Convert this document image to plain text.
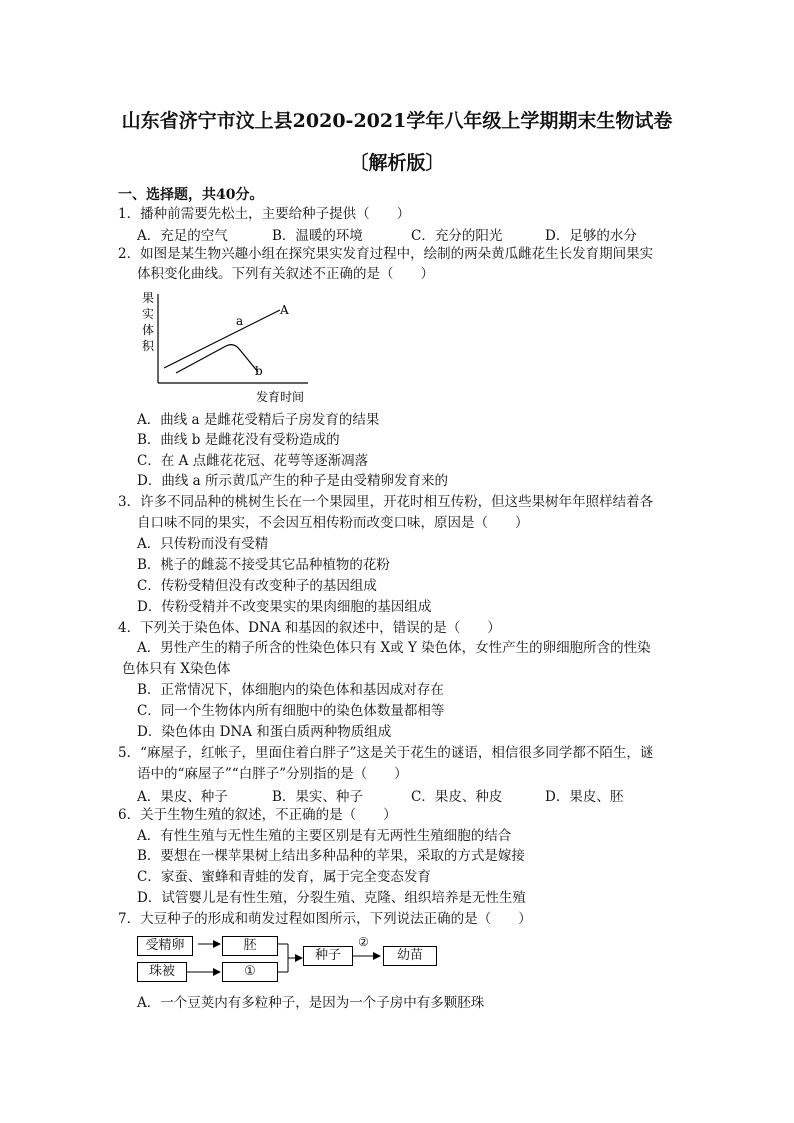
山东省济宁市汶上县2020-2021学年八年级上学期期末生物试卷
〔解析版〕
一、选择题，共40分。
1．播种前需要先松土，主要给种子提供（　　）
A．充足的空气	B．温暖的环境	C．充分的阳光	D．足够的水分
2．如图是某生物兴趣小组在探究果实发育过程中，绘制的两朵黄瓜雌花生长发育期间果实
体积变化曲线。下列有关叙述不正确的是（　　）
果
实
体
积
a
A
b
发育时间
A．曲线 a 是雌花受精后子房发育的结果
B．曲线 b 是雌花没有受粉造成的
C．在 A 点雌花花冠、花萼等逐渐凋落
D．曲线 a 所示黄瓜产生的种子是由受精卵发育来的
3．许多不同品种的桃树生长在一个果园里，开花时相互传粉，但这些果树年年照样结着各
自口味不同的果实，不会因互相传粉而改变口味，原因是（　　）
A．只传粉而没有受精
B．桃子的雌蕊不接受其它品种植物的花粉
C．传粉受精但没有改变种子的基因组成
D．传粉受精并不改变果实的果肉细胞的基因组成
4．下列关于染色体、DNA 和基因的叙述中，错误的是（　　）
A．男性产生的精子所含的性染色体只有 X或 Y 染色体，女性产生的卵细胞所含的性染
色体只有 X染色体
B．正常情况下，体细胞内的染色体和基因成对存在
C．同一个生物体内所有细胞中的染色体数量都相等
D．染色体由 DNA 和蛋白质两种物质组成
5．“麻屋子，红帐子，里面住着白胖子”这是关于花生的谜语，相信很多同学都不陌生，谜
语中的“麻屋子”“白胖子”分别指的是（　　）
A．果皮、种子	B．果实、种子	C．果皮、种皮	D．果皮、胚
6．关于生物生殖的叙述，不正确的是（　　）
A．有性生殖与无性生殖的主要区别是有无两性生殖细胞的结合
B．要想在一棵苹果树上结出多种品种的苹果，采取的方式是嫁接
C．家蚕、蜜蜂和青蛙的发育，属于完全变态发育
D．试管婴儿是有性生殖，分裂生殖、克隆、组织培养是无性生殖
7．大豆种子的形成和萌发过程如图所示，下列说法正确的是（　　）
受精卵
珠被
胚
①
种子
②
幼苗
A．一个豆荚内有多粒种子，是因为一个子房中有多颗胚珠
